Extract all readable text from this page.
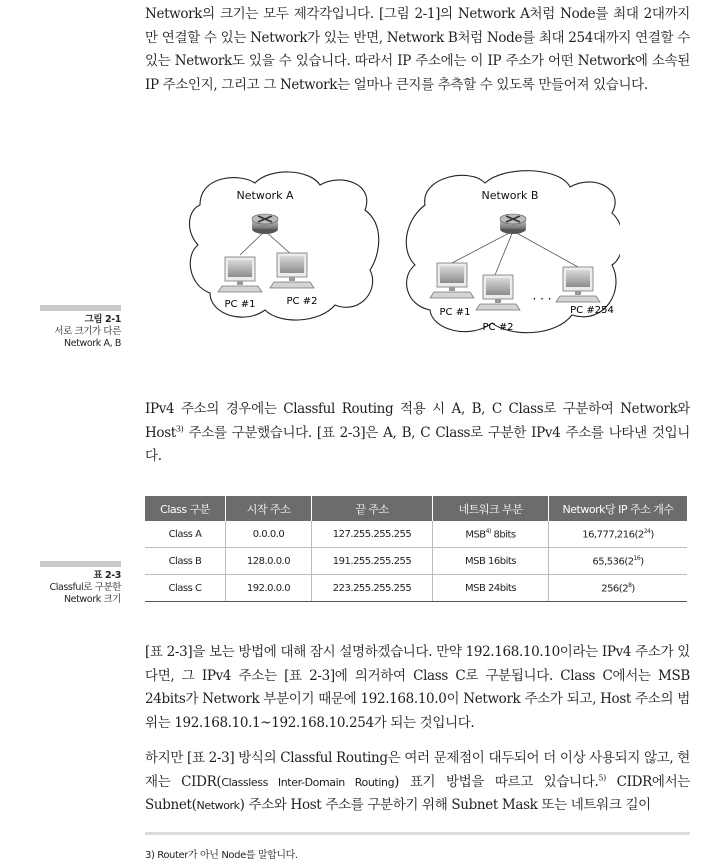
Network의 크기는 모두 제각각입니다. [그림 2-1]의 Network A처럼 Node를 최대 2대까지만 연결할 수 있는 Network가 있는 반면, Network B처럼 Node를 최대 254대까지 연결할 수 있는 Network도 있을 수 있습니다. 따라서 IP 주소에는 이 IP 주소가 어떤 Network에 소속된 IP 주소인지, 그리고 그 Network는 얼마나 큰지를 추측할 수 있도록 만들어져 있습니다.

Network A
PC #1	PC #2
Network B
· · ·
PC #1
PC #2
PC #254
그림 2-1
서로 크기가 다른 Network A, B

IPv4 주소의 경우에는 Classful Routing 적용 시 A, B, C Class로 구분하여 Network와 Host$^{3)}$ 주소를 구분했습니다. [표 2-3]은 A, B, C Class로 구분한 IPv4 주소를 나타낸 것입니다.

Class 구분	시작 주소	끝 주소	네트워크 부분	Network당 IP 주소 개수
Class A	0.0.0.0	127.255.255.255	MSB$^{4)}$ 8bits	$16,777,216(2^{24})$
Class B	128.0.0.0	191.255.255.255	MSB 16bits	$65,536(2^{16})$
Class C	192.0.0.0	223.255.255.255	MSB 24bits	$256(2^8)$
표 2-3
Classful로 구분한 Network 크기

[표 2-3]을 보는 방법에 대해 잠시 설명하겠습니다. 만약 192.168.10.10이라는 IPv4 주소가 있다면, 그 IPv4 주소는 [표 2-3]에 의거하여 Class C로 구분됩니다. Class C에서는 MSB 24bits가 Network 부분이기 때문에 192.168.10.0이 Network 주소가 되고, Host 주소의 범위는 192.168.10.1~192.168.10.254가 되는 것입니다.

하지만 [표 2-3] 방식의 Classful Routing은 여러 문제점이 대두되어 더 이상 사용되지 않고, 현재는 CIDR(Classless Inter-Domain Routing) 표기 방법을 따르고 있습니다.$^{5)}$ CIDR에서는 Subnet(Network) 주소와 Host 주소를 구분하기 위해 Subnet Mask 또는 네트워크 길이

3) Router가 아닌 Node를 말합니다.
